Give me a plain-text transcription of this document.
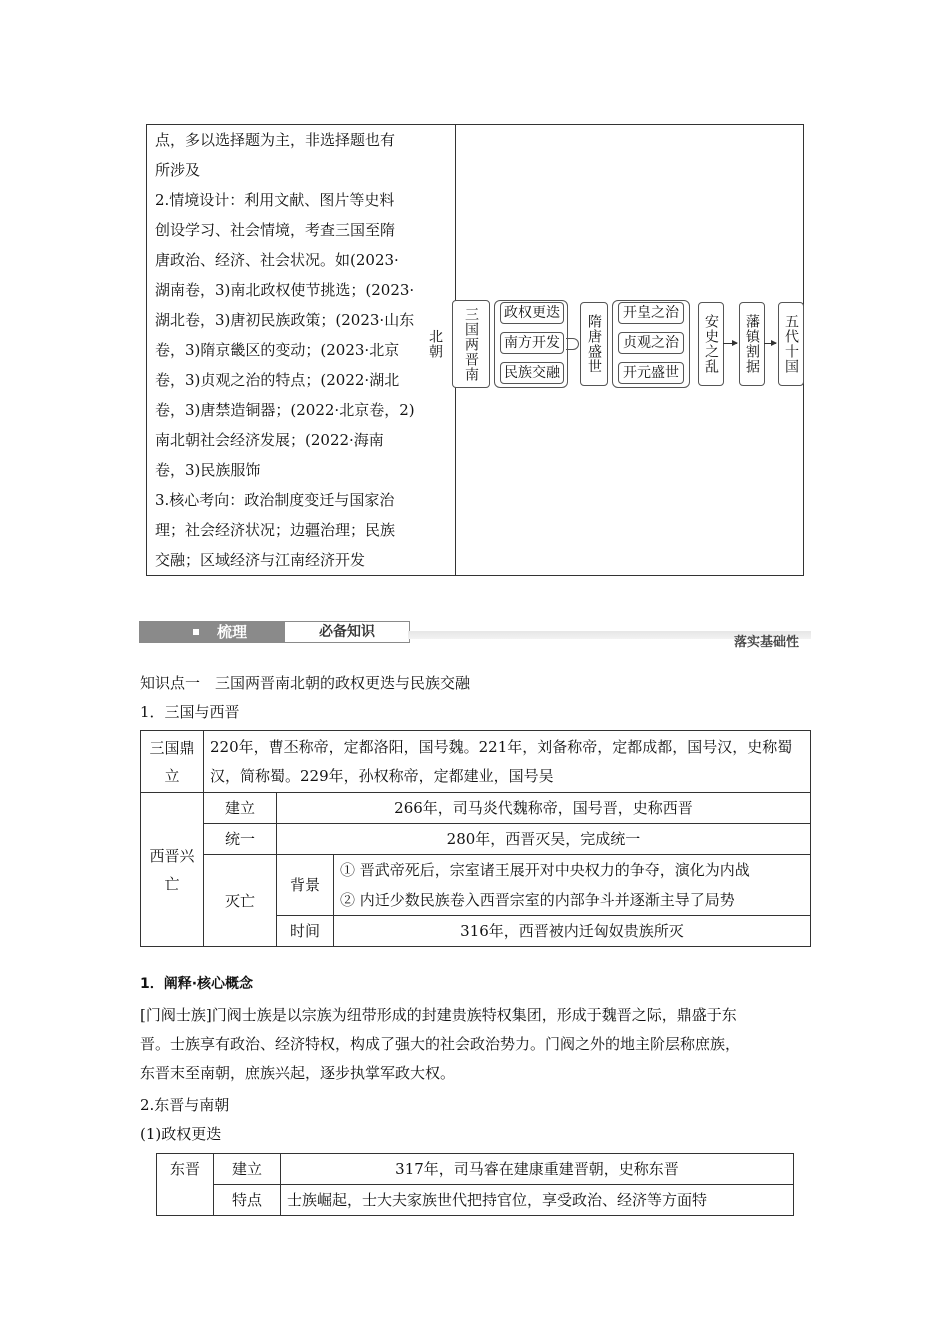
点，多以选择题为主，非选择题也有

所涉及

2.情境设计：利用文献、图片等史料

创设学习、社会情境，考查三国至隋

唐政治、经济、社会状况。如(2023·

湖南卷，3)南北政权使节挑选；(2023·

湖北卷，3)唐初民族政策；(2023·山东

卷，3)隋京畿区的变动；(2023·北京

卷，3)贞观之治的特点；(2022·湖北

卷，3)唐禁造铜器；(2022·北京卷，2)

南北朝社会经济发展；(2022·海南

卷，3)民族服饰

3.核心考向：政治制度变迁与国家治

理；社会经济状况；边疆治理；民族

交融；区域经济与江南经济开发

三国两晋南北朝
政权更迭
南方开发
民族交融	隋唐盛世
开皇之治
贞观之治
开元盛世	安史之乱	藩镇割据	五代十国
梳理	必备知识
落实基础性
知识点一　三国两晋南北朝的政权更迭与民族交融
1．三国与西晋
三国鼎立	220年，曹丕称帝，定都洛阳，国号魏。221年，刘备称帝，定都成都，国号汉，史称蜀汉，简称蜀。229年，孙权称帝，定都建业，国号吴		
西晋兴亡	建立	266年，司马炎代魏称帝，国号晋，史称西晋	
	统一	280年，西晋灭吴，完成统一	
	灭亡	背景	① 晋武帝死后，宗室诸王展开对中央权力的争夺，演化为内战
② 内迁少数民族卷入西晋宗室的内部争斗并逐渐主导了局势

		时间	316年，西晋被内迁匈奴贵族所灭
1．阐释·核心概念
[门阀士族]门阀士族是以宗族为纽带形成的封建贵族特权集团，形成于魏晋之际，鼎盛于东
晋。士族享有政治、经济特权，构成了强大的社会政治势力。门阀之外的地主阶层称庶族，
东晋末至南朝，庶族兴起，逐步执掌军政大权。
2.东晋与南朝
(1)政权更迭
东晋	建立	317年，司马睿在建康重建晋朝，史称东晋
	特点	士族崛起，士大夫家族世代把持官位，享受政治、经济等方面特
